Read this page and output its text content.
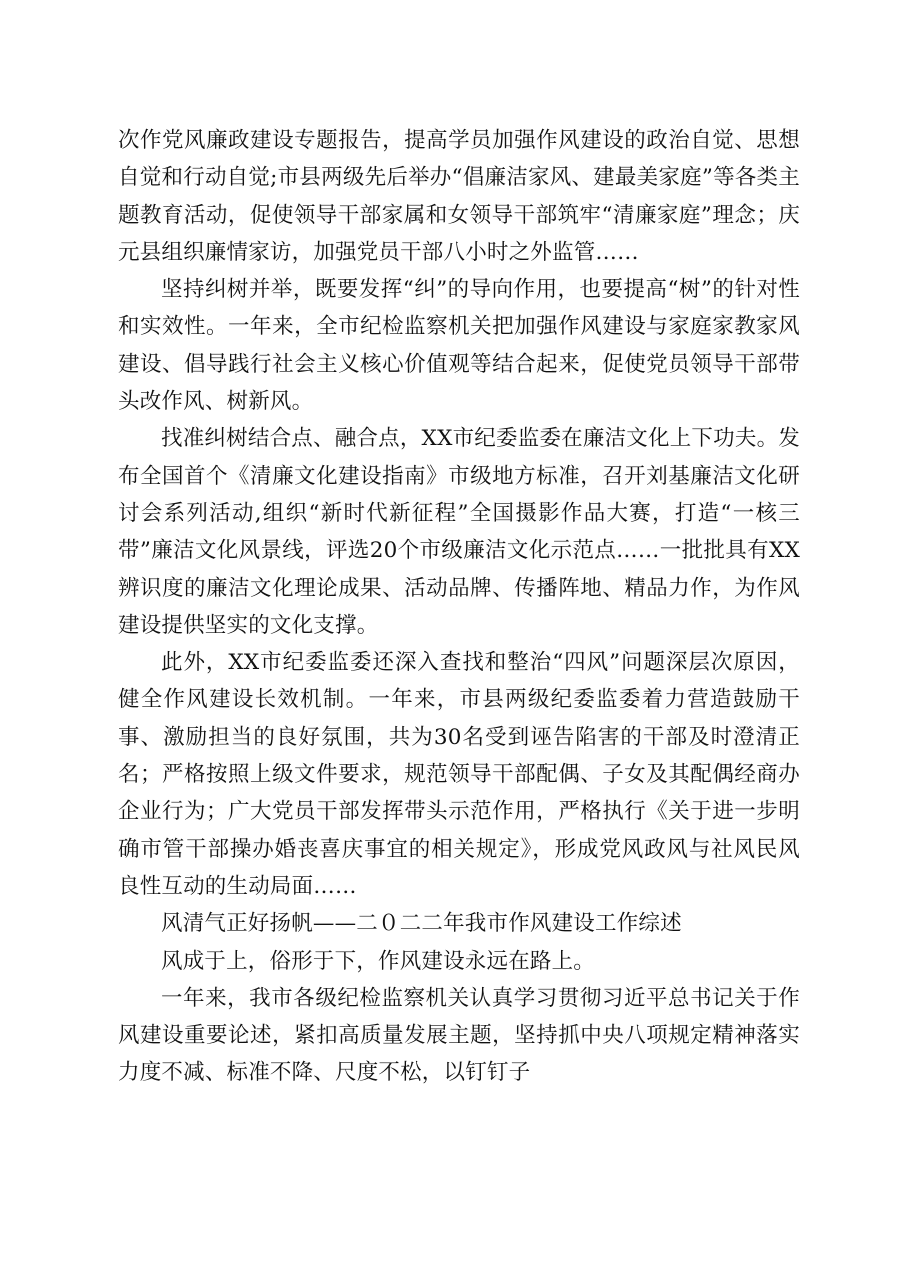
次作党风廉政建设专题报告，提高学员加强作风建设的政治自觉、思想自觉和行动自觉;市县两级先后举办“倡廉洁家风、建最美家庭”等各类主题教育活动，促使领导干部家属和女领导干部筑牢“清廉家庭”理念；庆元县组织廉情家访，加强党员干部八小时之外监管……

坚持纠树并举，既要发挥“纠”的导向作用，也要提高“树”的针对性和实效性。一年来，全市纪检监察机关把加强作风建设与家庭家教家风建设、倡导践行社会主义核心价值观等结合起来，促使党员领导干部带头改作风、树新风。

找准纠树结合点、融合点，XX市纪委监委在廉洁文化上下功夫。发布全国首个《清廉文化建设指南》市级地方标准，召开刘基廉洁文化研讨会系列活动,组织“新时代新征程”全国摄影作品大赛，打造“一核三带”廉洁文化风景线，评选20个市级廉洁文化示范点……一批批具有XX辨识度的廉洁文化理论成果、活动品牌、传播阵地、精品力作，为作风建设提供坚实的文化支撑。

此外，XX市纪委监委还深入查找和整治“四风”问题深层次原因，健全作风建设长效机制。一年来，市县两级纪委监委着力营造鼓励干事、激励担当的良好氛围，共为30名受到诬告陷害的干部及时澄清正名；严格按照上级文件要求，规范领导干部配偶、子女及其配偶经商办企业行为；广大党员干部发挥带头示范作用，严格执行《关于进一步明确市管干部操办婚丧喜庆事宜的相关规定》，形成党风政风与社风民风良性互动的生动局面……

风清气正好扬帆——二０二二年我市作风建设工作综述

风成于上，俗形于下，作风建设永远在路上。

一年来，我市各级纪检监察机关认真学习贯彻习近平总书记关于作风建设重要论述，紧扣高质量发展主题，坚持抓中央八项规定精神落实力度不减、标准不降、尺度不松，以钉钉子
